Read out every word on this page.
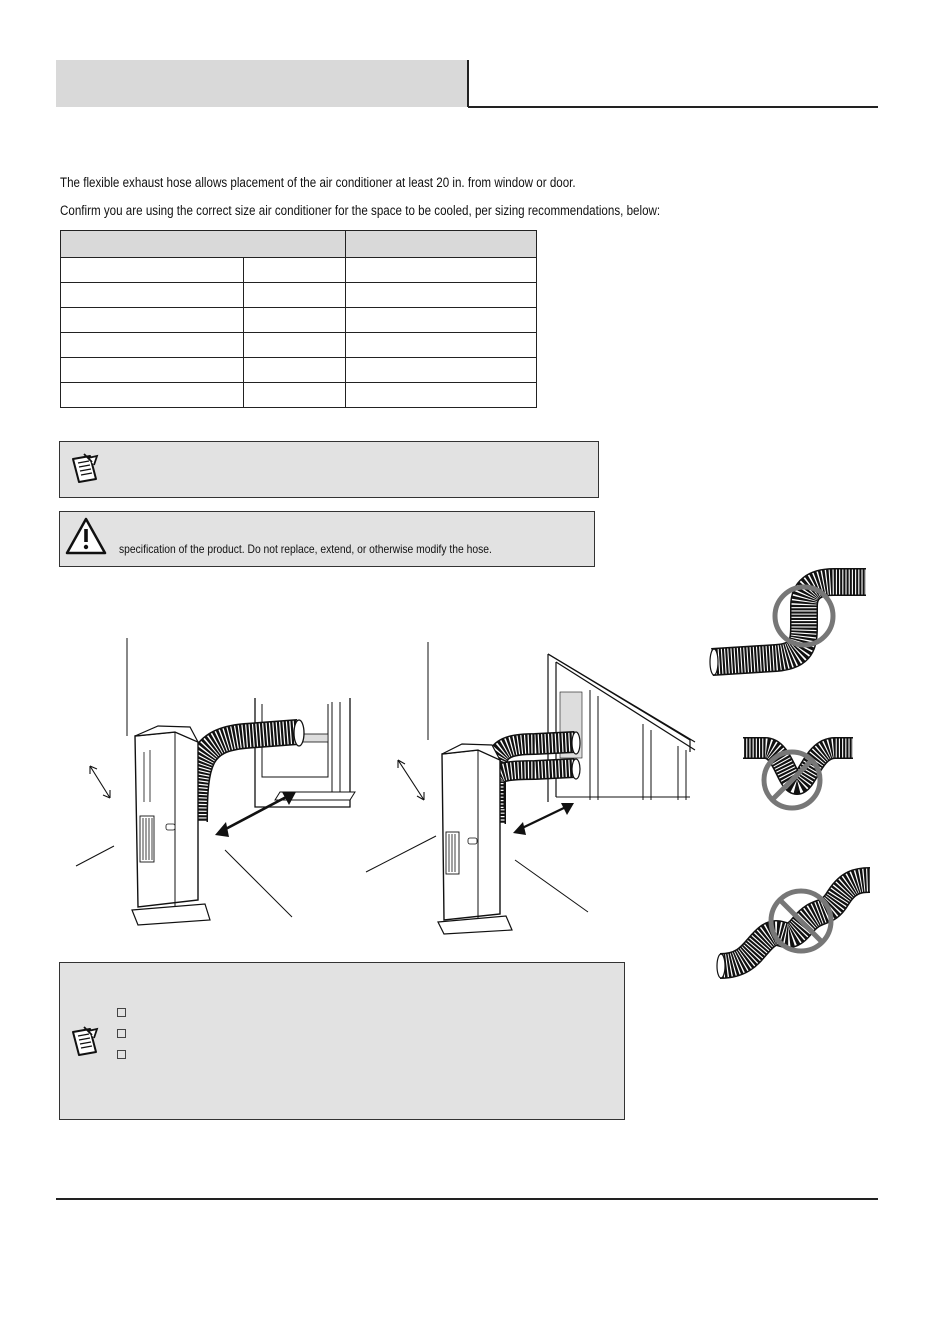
The flexible exhaust hose allows placement of the air conditioner at least 20 in. from window or door.
Confirm you are using the correct size air conditioner for the space to be cooled, per sizing recommendations, below:

specification of the product. Do not replace, extend, or otherwise modify the hose.
